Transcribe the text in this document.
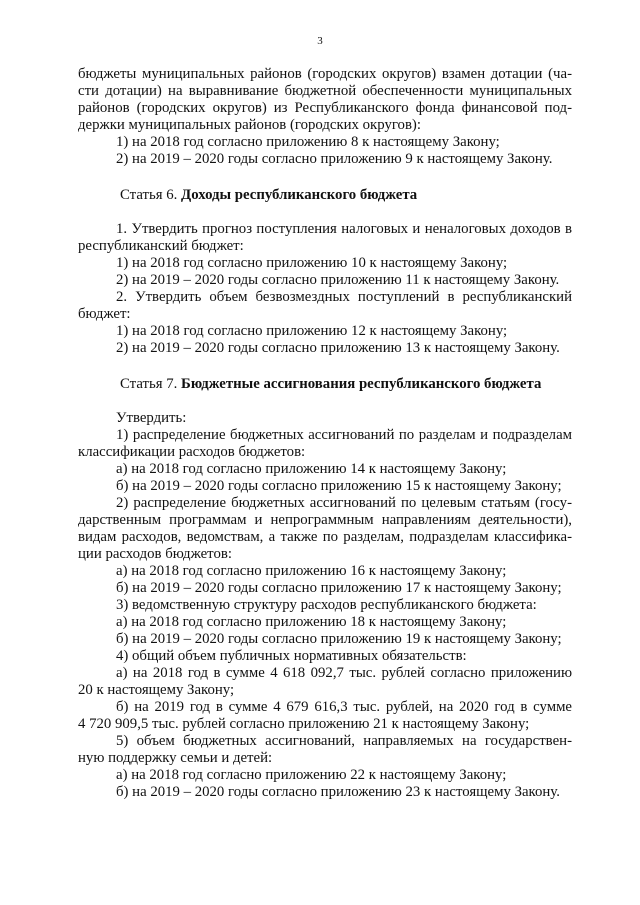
3

бюджеты муниципальных районов (городских округов) взамен дотации (ча-

сти дотации) на выравнивание бюджетной обеспеченности муниципальных

районов (городских округов) из Республиканского фонда финансовой под-

держки муниципальных районов (городских округов):

1) на 2018 год согласно приложению 8 к настоящему Закону;

2) на 2019 – 2020 годы согласно приложению 9 к настоящему Закону.

Статья 6. Доходы республиканского бюджета

1. Утвердить прогноз поступления налоговых и неналоговых доходов в

республиканский бюджет:

1) на 2018 год согласно приложению 10 к настоящему Закону;

2) на 2019 – 2020 годы согласно приложению 11 к настоящему Закону.

2. Утвердить объем безвозмездных поступлений в республиканский

бюджет:

1) на 2018 год согласно приложению 12 к настоящему Закону;

2) на 2019 – 2020 годы согласно приложению 13 к настоящему Закону.

Статья 7. Бюджетные ассигнования республиканского бюджета

Утвердить:

1) распределение бюджетных ассигнований по разделам и подразделам

классификации расходов бюджетов:

а) на 2018 год согласно приложению 14 к настоящему Закону;

б) на 2019 – 2020 годы согласно приложению 15 к настоящему Закону;

2) распределение бюджетных ассигнований по целевым статьям (госу-

дарственным программам и непрограммным направлениям деятельности),

видам расходов, ведомствам, а также по разделам, подразделам классифика-

ции расходов бюджетов:

а) на 2018 год согласно приложению 16 к настоящему Закону;

б) на 2019 – 2020 годы согласно приложению 17 к настоящему Закону;

3) ведомственную структуру расходов республиканского бюджета:

а) на 2018 год согласно приложению 18 к настоящему Закону;

б) на 2019 – 2020 годы согласно приложению 19 к настоящему Закону;

4) общий объем публичных нормативных обязательств:

а) на 2018 год в сумме 4 618 092,7 тыс. рублей согласно приложению

20 к настоящему Закону;

б) на 2019 год в сумме 4 679 616,3 тыс. рублей, на 2020 год в сумме

4 720 909,5 тыс. рублей согласно приложению 21 к настоящему Закону;

5) объем бюджетных ассигнований, направляемых на государствен-

ную поддержку семьи и детей:

а) на 2018 год согласно приложению 22 к настоящему Закону;

б) на 2019 – 2020 годы согласно приложению 23 к настоящему Закону.
